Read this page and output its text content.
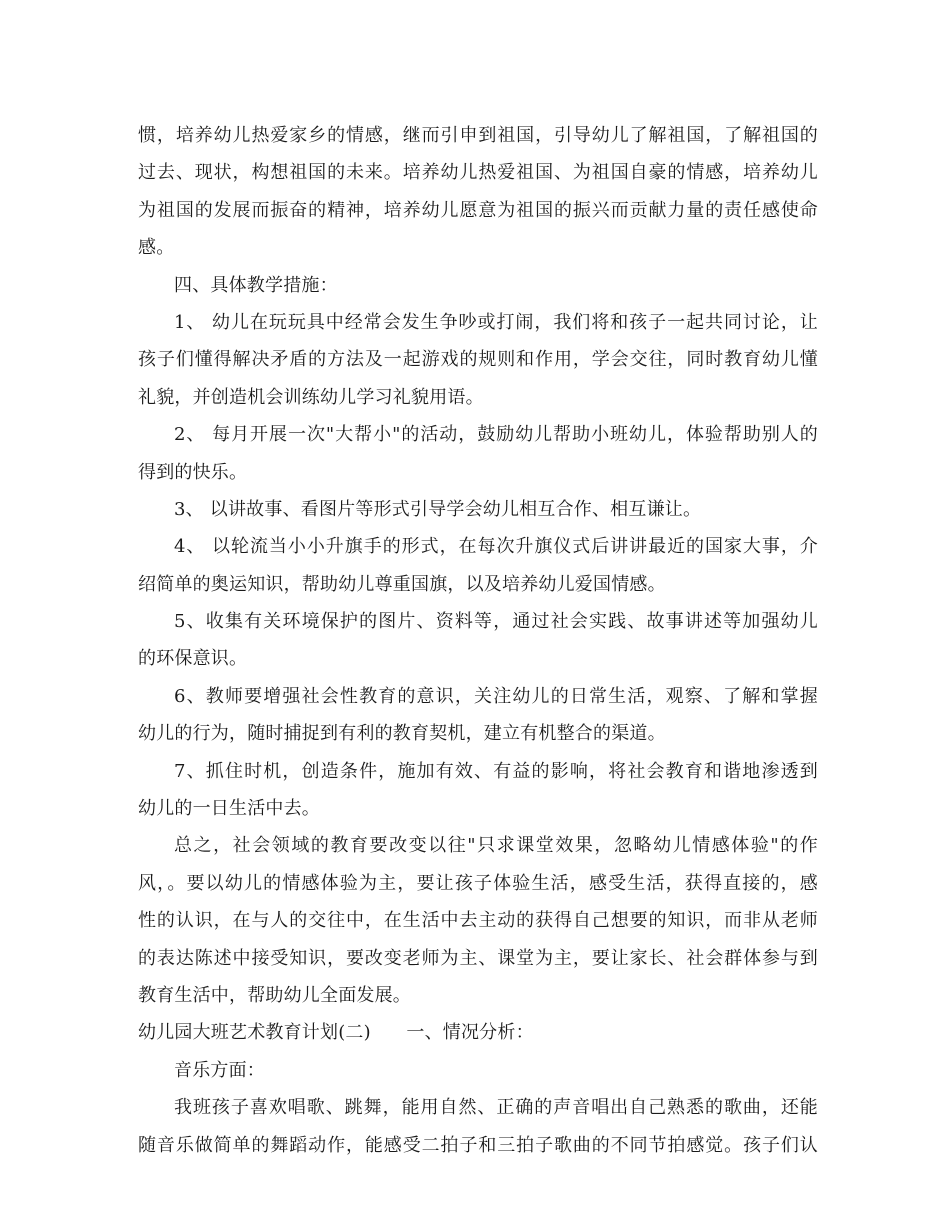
惯，培养幼儿热爱家乡的情感，继而引申到祖国，引导幼儿了解祖国，了解祖国的
过去、现状，构想祖国的未来。培养幼儿热爱祖国、为祖国自豪的情感，培养幼儿
为祖国的发展而振奋的精神，培养幼儿愿意为祖国的振兴而贡献力量的责任感使命
感。
四、具体教学措施：
1、 幼儿在玩玩具中经常会发生争吵或打闹，我们将和孩子一起共同讨论，让
孩子们懂得解决矛盾的方法及一起游戏的规则和作用，学会交往，同时教育幼儿懂
礼貌，并创造机会训练幼儿学习礼貌用语。
2、 每月开展一次"大帮小"的活动，鼓励幼儿帮助小班幼儿，体验帮助别人的
得到的快乐。
3、 以讲故事、看图片等形式引导学会幼儿相互合作、相互谦让。
4、 以轮流当小小升旗手的形式，在每次升旗仪式后讲讲最近的国家大事，介
绍简单的奥运知识，帮助幼儿尊重国旗，以及培养幼儿爱国情感。
5、收集有关环境保护的图片、资料等，通过社会实践、故事讲述等加强幼儿
的环保意识。
6、教师要增强社会性教育的意识，关注幼儿的日常生活，观察、了解和掌握
幼儿的行为，随时捕捉到有利的教育契机，建立有机整合的渠道。
7、抓住时机，创造条件，施加有效、有益的影响，将社会教育和谐地渗透到
幼儿的一日生活中去。
总之，社会领域的教育要改变以往"只求课堂效果，忽略幼儿情感体验"的作
风，。要以幼儿的情感体验为主，要让孩子体验生活，感受生活，获得直接的，感
性的认识，在与人的交往中，在生活中去主动的获得自己想要的知识，而非从老师
的表达陈述中接受知识，要改变老师为主、课堂为主，要让家长、社会群体参与到
教育生活中，帮助幼儿全面发展。
幼儿园大班艺术教育计划(二)      一、情况分析：
音乐方面：
我班孩子喜欢唱歌、跳舞，能用自然、正确的声音唱出自己熟悉的歌曲，还能
随音乐做简单的舞蹈动作，能感受二拍子和三拍子歌曲的不同节拍感觉。孩子们认
